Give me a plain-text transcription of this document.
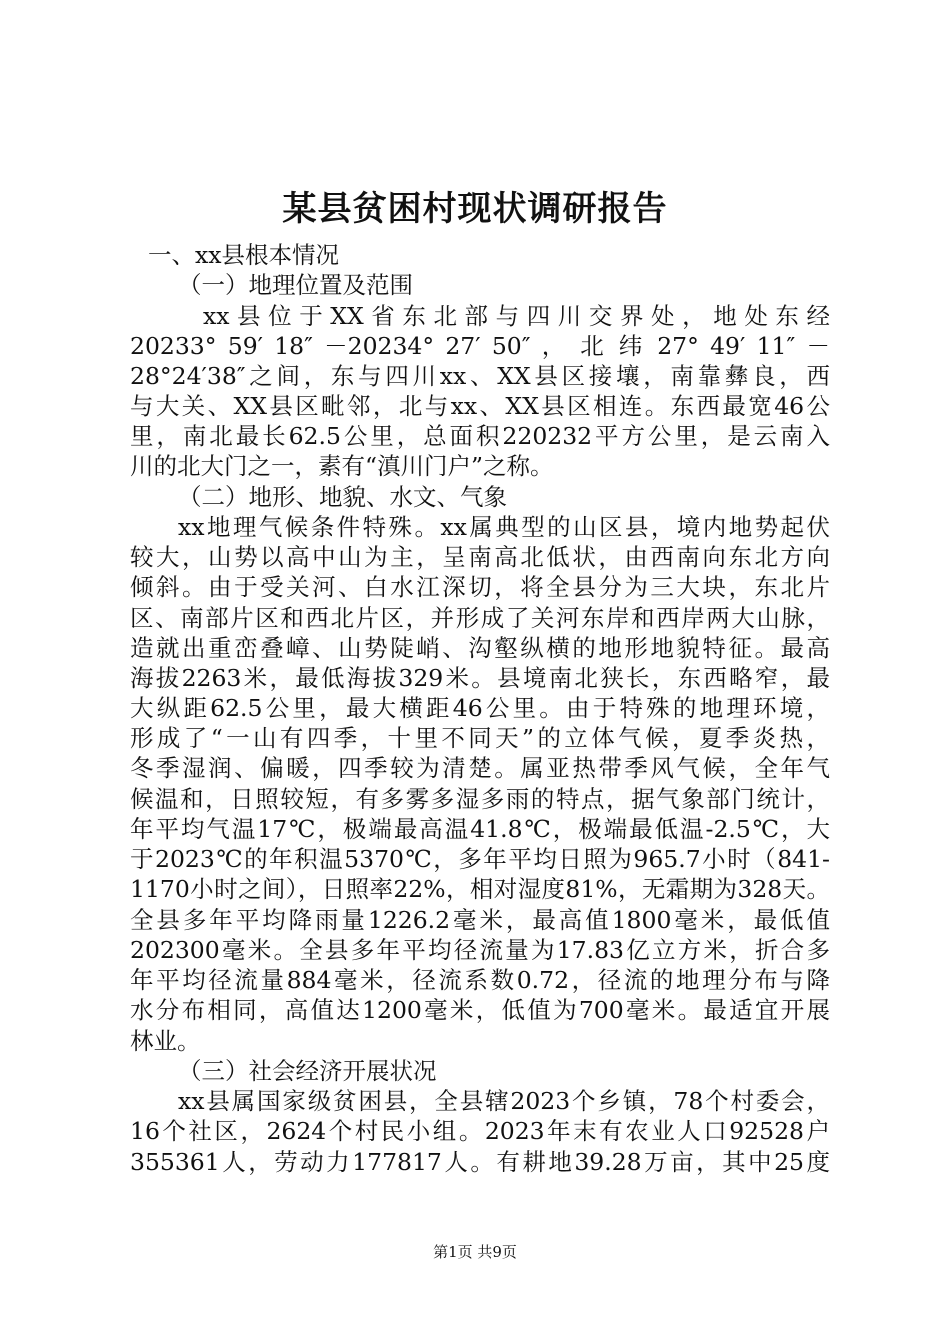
某县贫困村现状调研报告
一、xx县根本情况
（一）地理位置及范围
xx 县 位 于 XX 省 东 北 部 与 四 川 交 界 处 ， 地 处 东 经
20233° 59′ 18″ －20234° 27′ 50″ ， 北 纬 27° 49′ 11″ －
28°24′38″之间，东与四川xx、XX县区接壤，南靠彝良，西
与大关、XX县区毗邻，北与xx、XX县区相连。东西最宽46公
里，南北最长62.5公里，总面积220232平方公里，是云南入
川的北大门之一，素有“滇川门户”之称。
（二）地形、地貌、水文、气象
xx地理气候条件特殊。xx属典型的山区县，境内地势起伏
较大，山势以高中山为主，呈南高北低状，由西南向东北方向
倾斜。由于受关河、白水江深切，将全县分为三大块，东北片
区、南部片区和西北片区，并形成了关河东岸和西岸两大山脉，
造就出重峦叠嶂、山势陡峭、沟壑纵横的地形地貌特征。最高
海拔2263米，最低海拔329米。县境南北狭长，东西略窄，最
大纵距62.5公里，最大横距46公里。由于特殊的地理环境，
形成了“一山有四季，十里不同天”的立体气候，夏季炎热，
冬季湿润、偏暖，四季较为清楚。属亚热带季风气候，全年气
候温和，日照较短，有多雾多湿多雨的特点，据气象部门统计，
年平均气温17℃，极端最高温41.8℃，极端最低温-2.5℃，大
于2023℃的年积温5370℃，多年平均日照为965.7小时（841-
1170小时之间），日照率22%，相对湿度81%，无霜期为328天。
全县多年平均降雨量1226.2毫米，最高值1800毫米，最低值
202300毫米。全县多年平均径流量为17.83亿立方米，折合多
年平均径流量884毫米，径流系数0.72，径流的地理分布与降
水分布相同，高值达1200毫米，低值为700毫米。最适宜开展
林业。
（三）社会经济开展状况
xx县属国家级贫困县，全县辖2023个乡镇，78个村委会，
16个社区，2624个村民小组。2023年末有农业人口92528户
355361人，劳动力177817人。有耕地39.28万亩，其中25度
第1页 共9页
